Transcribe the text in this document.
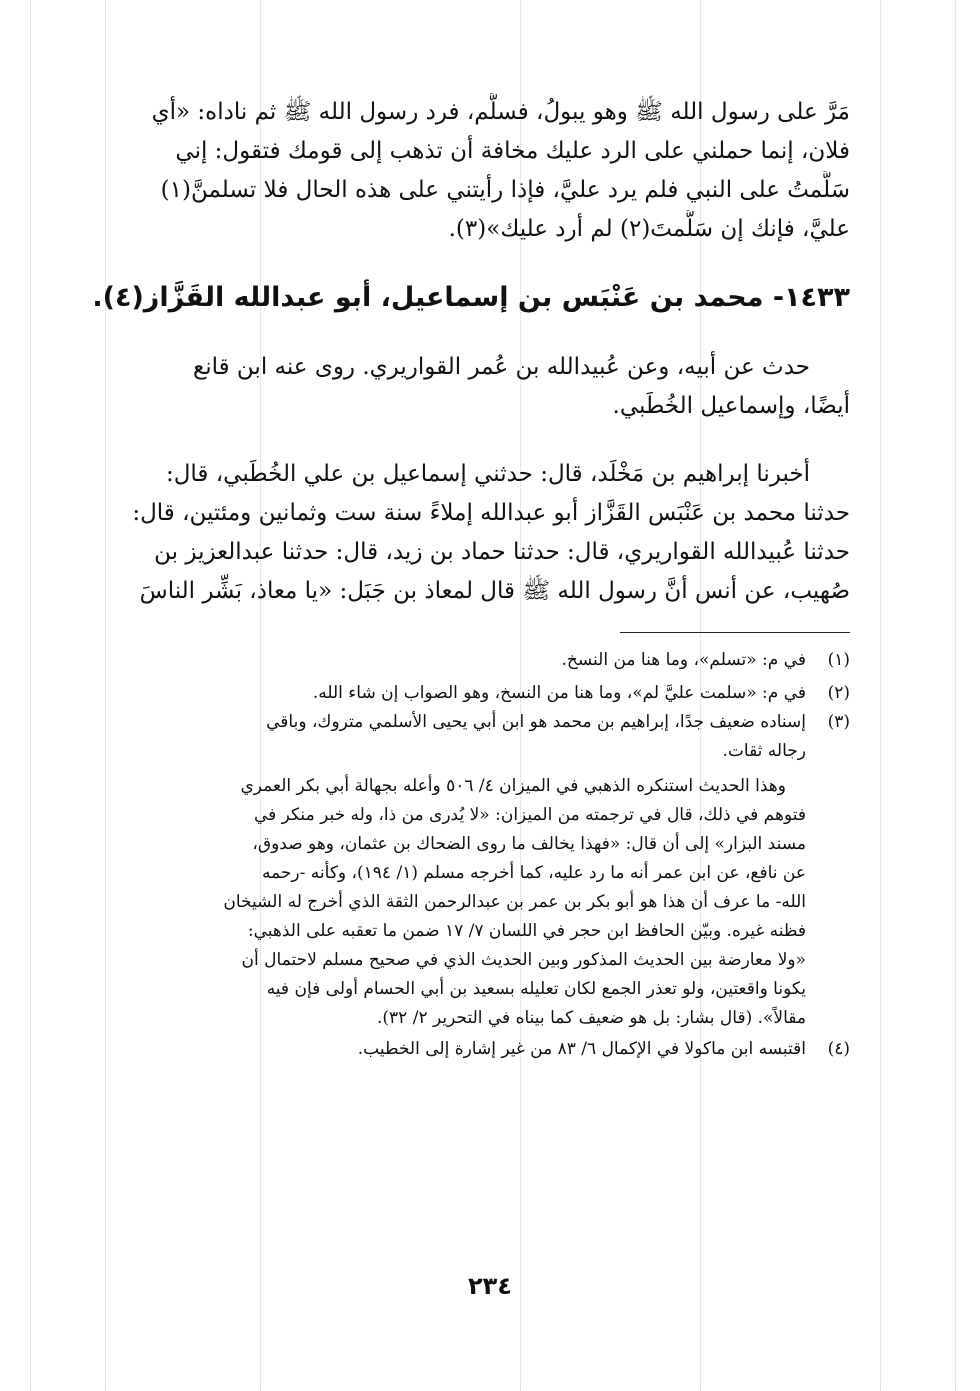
مَرَّ على رسول الله ﷺ وهو يبولُ، فسلَّم، فرد رسول الله ﷺ ثم ناداه: «أي

فلان، إنما حملني على الرد عليك مخافة أن تذهب إلى قومك فتقول: إني

سَلَّمتُ على النبي فلم يرد عليَّ، فإذا رأيتني على هذه الحال فلا تسلمنَّ(١)

عليَّ، فإنك إن سَلَّمتَ(٢) لم أرد عليك»(٣).

١٤٣٣- محمد بن عَنْبَس بن إسماعيل، أبو عبدالله القَزَّاز(٤).

حدث عن أبيه، وعن عُبيدالله بن عُمر القواريري. روى عنه ابن قانع

أيضًا، وإسماعيل الخُطَبي.

أخبرنا إبراهيم بن مَخْلَد، قال: حدثني إسماعيل بن علي الخُطَبي، قال:

حدثنا محمد بن عَنْبَس القَزَّاز أبو عبدالله إملاءً سنة ست وثمانين ومئتين، قال:

حدثنا عُبيدالله القواريري، قال: حدثنا حماد بن زيد، قال: حدثنا عبدالعزيز بن

صُهيب، عن أنس أنَّ رسول الله ﷺ قال لمعاذ بن جَبَل: «يا معاذ، بَشِّر الناسَ

(١)
في م: «تسلم»، وما هنا من النسخ.
(٢)
في م: «سلمت عليَّ لم»، وما هنا من النسخ، وهو الصواب إن شاء الله.
(٣)
إسناده ضعيف جدًا، إبراهيم بن محمد هو ابن أبي يحيى الأسلمي متروك، وباقي
رجاله ثقات.
وهذا الحديث استنكره الذهبي في الميزان ٤/ ٥٠٦ وأعله بجهالة أبي بكر العمري
فتوهم في ذلك، قال في ترجمته من الميزان: «لا يُدرى من ذا، وله خبر منكر في
مسند البزار» إلى أن قال: «فهذا يخالف ما روى الضحاك بن عثمان، وهو صدوق،
عن نافع، عن ابن عمر أنه ما رد عليه، كما أخرجه مسلم (١/ ١٩٤)، وكأنه -رحمه
الله- ما عرف أن هذا هو أبو بكر بن عمر بن عبدالرحمن الثقة الذي أخرج له الشيخان
فظنه غيره. وبيّن الحافظ ابن حجر في اللسان ٧/ ١٧ ضمن ما تعقبه على الذهبي:
«ولا معارضة بين الحديث المذكور وبين الحديث الذي في صحيح مسلم لاحتمال أن
يكونا واقعتين، ولو تعذر الجمع لكان تعليله بسعيد بن أبي الحسام أولى فإن فيه
مقالاً». (قال بشار: بل هو ضعيف كما بيناه في التحرير ٢/ ٣٢).
(٤)
اقتبسه ابن ماكولا في الإكمال ٦/ ٨٣ من غير إشارة إلى الخطيب.
٢٣٤
